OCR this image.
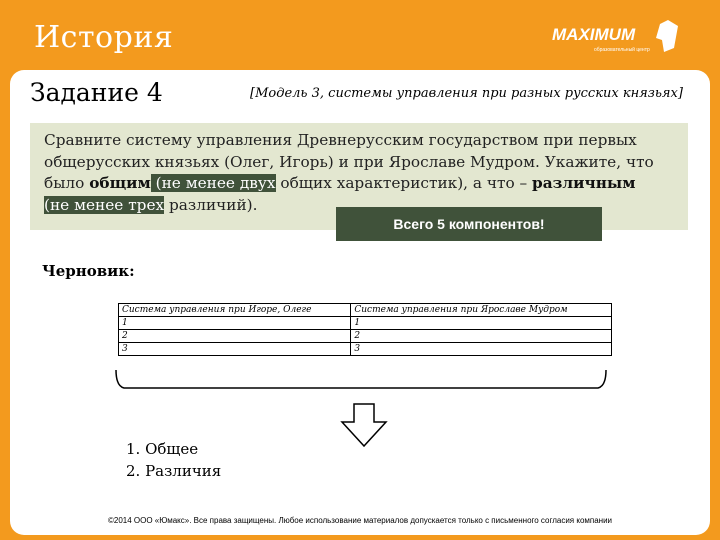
История	MAXIMUM
образовательный центр
Задание 4	[Модель 3, системы управления при разных русских князьях]
Сравните систему управления Древнерусским государством при первых
общерусских князьях (Олег, Игорь) и при Ярославе Мудром. Укажите, что
было общим (не менее двух общих характеристик), а что – различным
(не менее трех различий).
Всего 5 компонентов!
Черновик:
Система управления при Игоре, Олеге	Система управления при Ярославе Мудром
1	1
2	2
3	3
1. Общее
2. Различия
©2014 ООО «Юмакс». Все права защищены. Любое использование материалов допускается только с письменного согласия компании
